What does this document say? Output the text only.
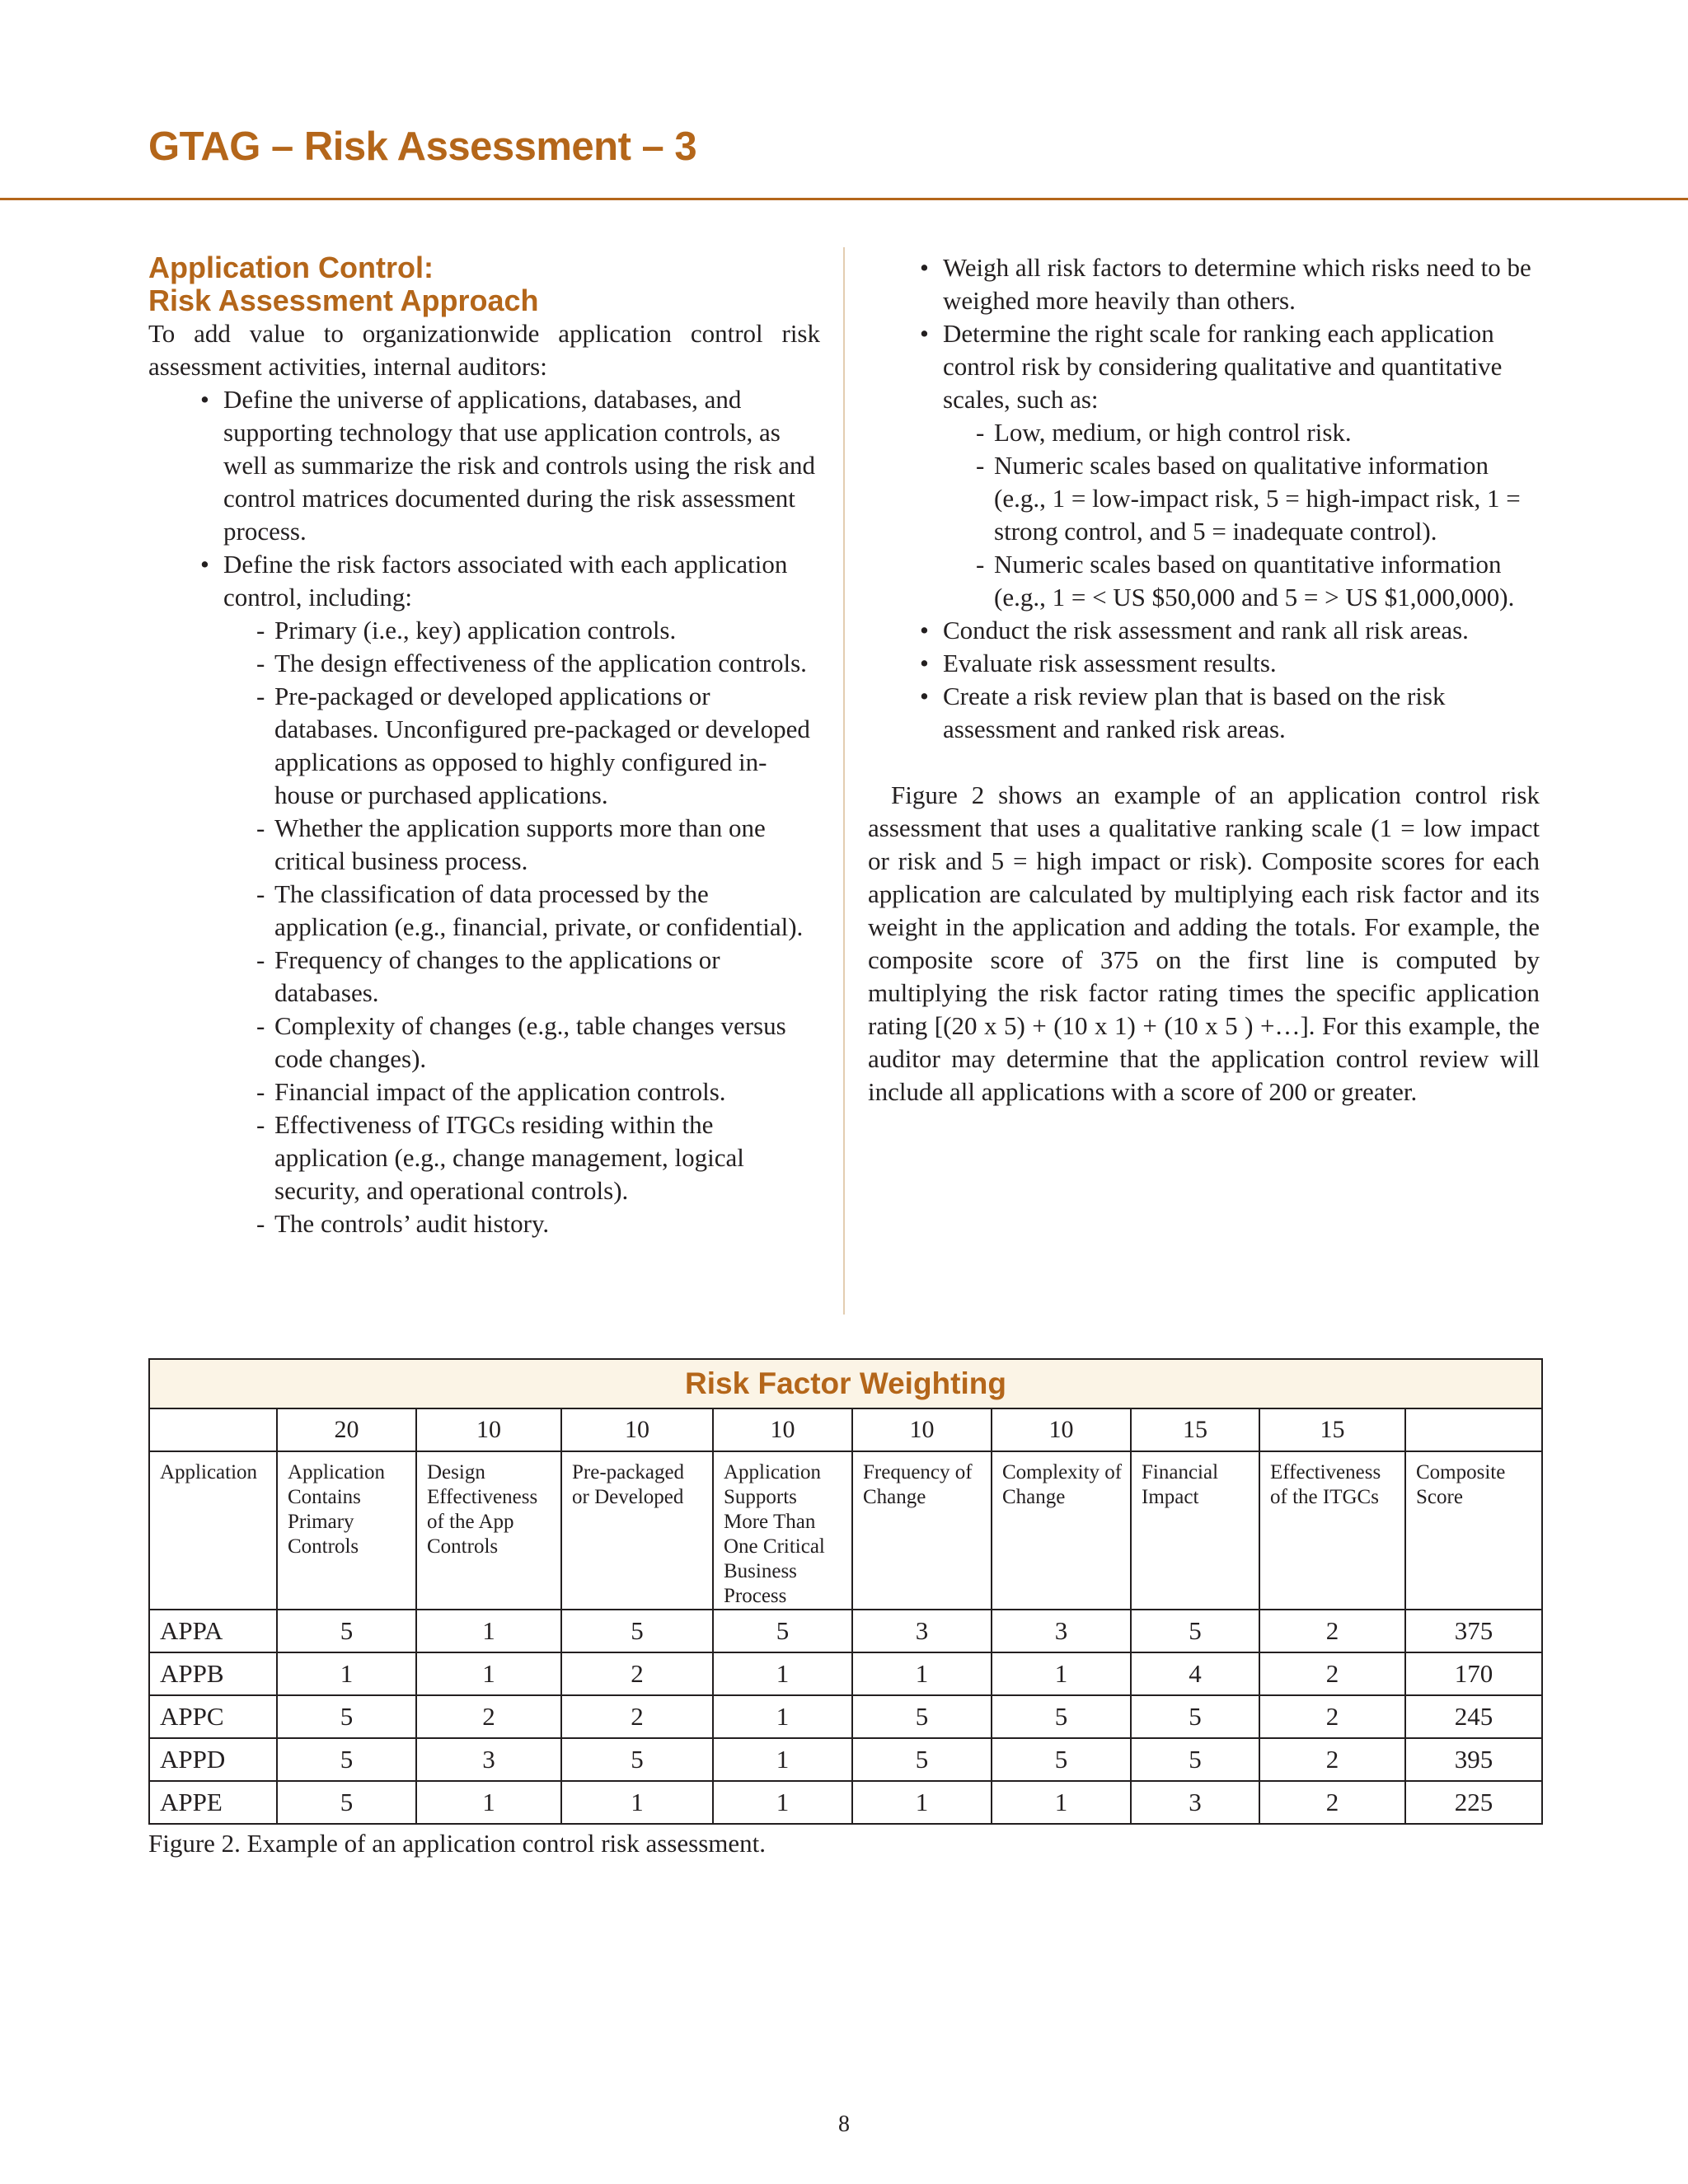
GTAG – Risk Assessment – 3
Application Control:
Risk Assessment Approach

To add value to organizationwide application control risk assessment activities, internal auditors:

• Define the universe of applications, databases, and supporting technology that use application controls, as well as summarize the risk and controls using the risk and control matrices documented during the risk assessment process.
• Define the risk factors associated with each application control, including:
- Primary (i.e., key) application controls.
- The design effectiveness of the application controls.
- Pre-packaged or developed applications or databases. Unconfigured pre-packaged or developed applications as opposed to highly configured in-house or purchased applications.
- Whether the application supports more than one critical business process.
- The classification of data processed by the application (e.g., financial, private, or confidential).
- Frequency of changes to the applications or databases.
- Complexity of changes (e.g., table changes versus code changes).
- Financial impact of the application controls.
- Effectiveness of ITGCs residing within the application (e.g., change management, logical security, and operational controls).
- The controls’ audit history.
• Weigh all risk factors to determine which risks need to be weighed more heavily than others.
• Determine the right scale for ranking each application control risk by considering qualitative and quantitative scales, such as:
- Low, medium, or high control risk.
- Numeric scales based on qualitative information (e.g., 1 = low-impact risk, 5 = high-impact risk, 1 = strong control, and 5 = inadequate control).
- Numeric scales based on quantitative information (e.g., 1 = < US $50,000 and 5 = > US $1,000,000).
• Conduct the risk assessment and rank all risk areas.
• Evaluate risk assessment results.
• Create a risk review plan that is based on the risk assessment and ranked risk areas.

Figure 2 shows an example of an application control risk assessment that uses a qualitative ranking scale (1 = low impact or risk and 5 = high impact or risk). Composite scores for each application are calculated by multiplying each risk factor and its weight in the application and adding the totals. For example, the composite score of 375 on the first line is computed by multiplying the risk factor rating times the specific application rating [(20 x 5) + (10 x 1) + (10 x 5 ) +…]. For this example, the auditor may determine that the application control review will include all applications with a score of 200 or greater.

Risk Factor Weighting									
	20	10	10	10	10	10	15	15	
Application	Application Contains Primary Controls	Design Effectiveness of the App Controls	Pre-packaged or Developed	Application Supports More Than One Critical Business Process	Frequency of Change	Complexity of Change	Financial Impact	Effectiveness of the ITGCs	Composite Score
APPA	5	1	5	5	3	3	5	2	375
APPB	1	1	2	1	1	1	4	2	170
APPC	5	2	2	1	5	5	5	2	245
APPD	5	3	5	1	5	5	5	2	395
APPE	5	1	1	1	1	1	3	2	225

Figure 2. Example of an application control risk assessment.

8
